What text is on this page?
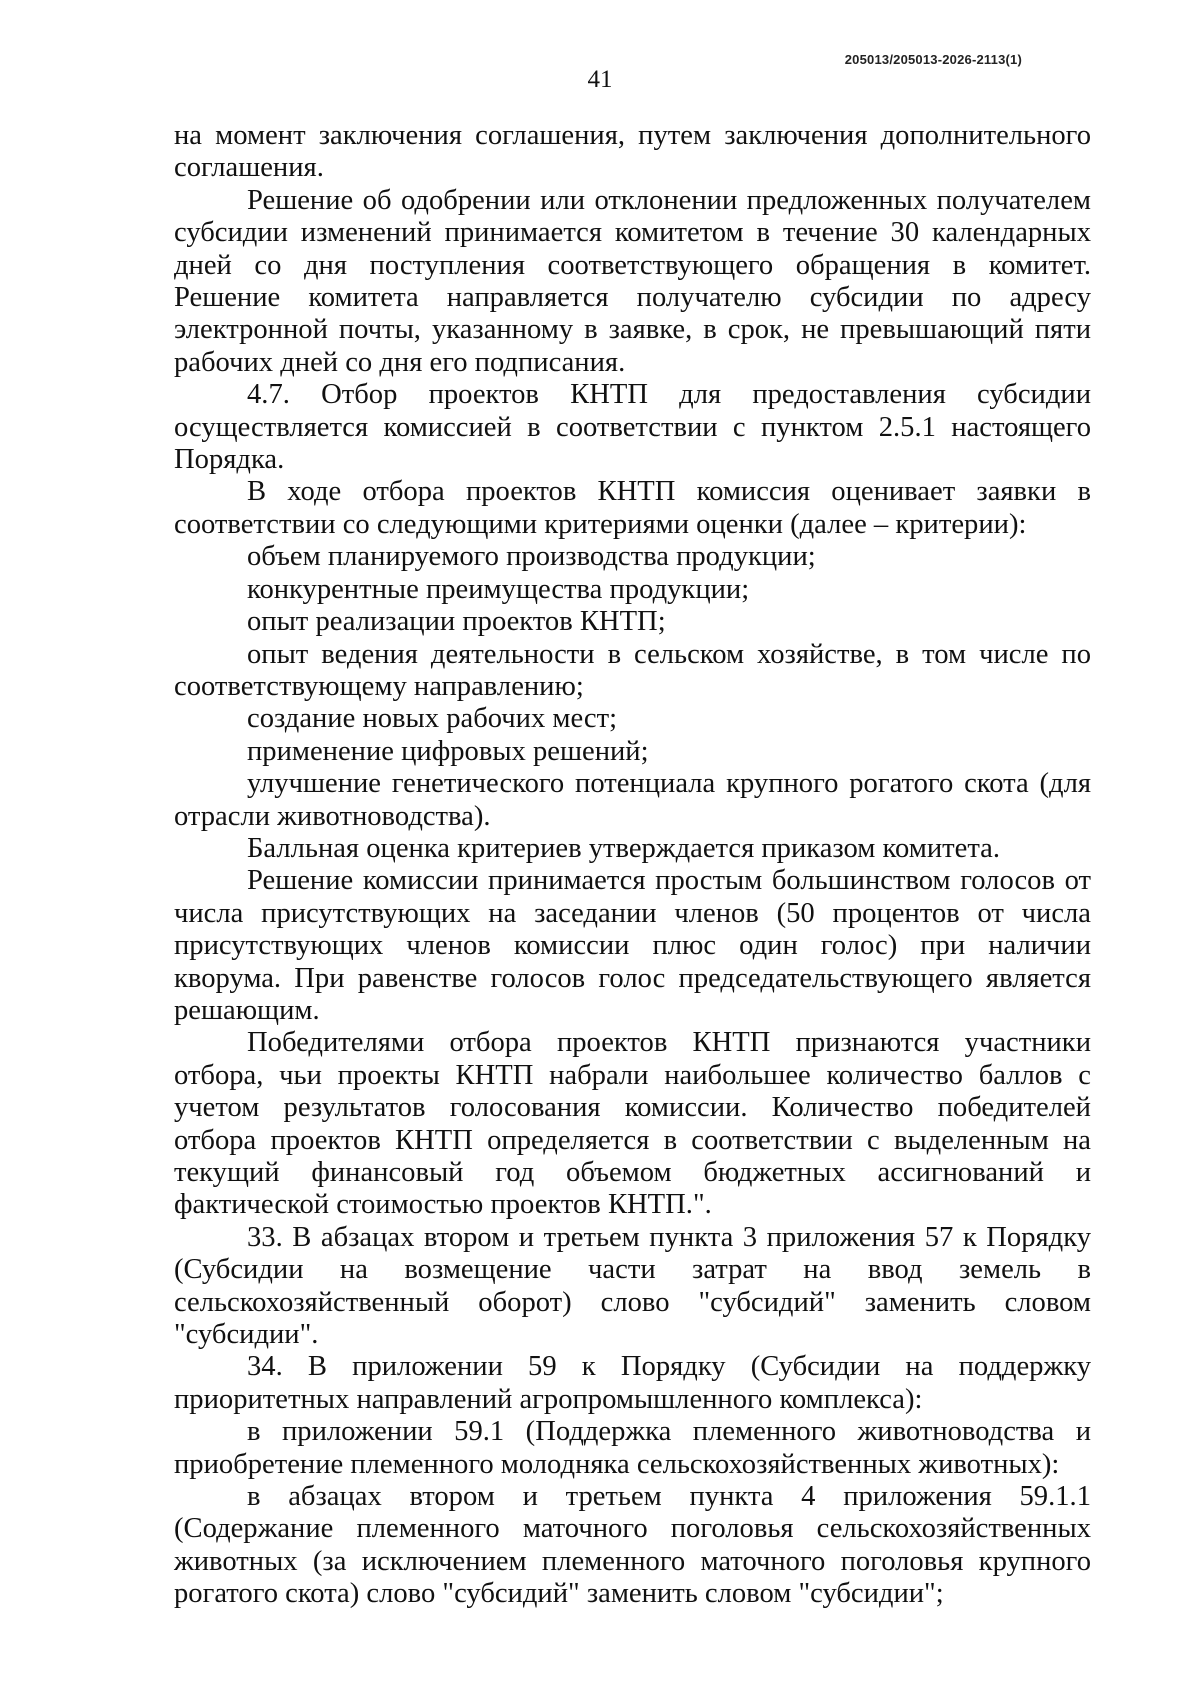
205013/205013-2026-2113(1)
41

на момент заключения соглашения, путем заключения дополнительного соглашения.

Решение об одобрении или отклонении предложенных получателем субсидии изменений принимается комитетом в течение 30 календарных дней со дня поступления соответствующего обращения в комитет. Решение комитета направляется получателю субсидии по адресу электронной почты, указанному в заявке, в срок, не превышающий пяти рабочих дней со дня его подписания.

4.7. Отбор проектов КНТП для предоставления субсидии осуществляется комиссией в соответствии с пунктом 2.5.1 настоящего Порядка.

В ходе отбора проектов КНТП комиссия оценивает заявки в соответствии со следующими критериями оценки (далее – критерии):

объем планируемого производства продукции;

конкурентные преимущества продукции;

опыт реализации проектов КНТП;

опыт ведения деятельности в сельском хозяйстве, в том числе по соответствующему направлению;

создание новых рабочих мест;

применение цифровых решений;

улучшение генетического потенциала крупного рогатого скота (для отрасли животноводства).

Балльная оценка критериев утверждается приказом комитета.

Решение комиссии принимается простым большинством голосов от числа присутствующих на заседании членов (50 процентов от числа присутствующих членов комиссии плюс один голос) при наличии кворума. При равенстве голосов голос председательствующего является решающим.

Победителями отбора проектов КНТП признаются участники отбора, чьи проекты КНТП набрали наибольшее количество баллов с учетом результатов голосования комиссии. Количество победителей отбора проектов КНТП определяется в соответствии с выделенным на текущий финансовый год объемом бюджетных ассигнований и фактической стоимостью проектов КНТП.".

33. В абзацах втором и третьем пункта 3 приложения 57 к Порядку (Субсидии на возмещение части затрат на ввод земель в сельскохозяйственный оборот) слово "субсидий" заменить словом "субсидии".

34. В приложении 59 к Порядку (Субсидии на поддержку приоритетных направлений агропромышленного комплекса):

в приложении 59.1 (Поддержка племенного животноводства и приобретение племенного молодняка сельскохозяйственных животных):

в абзацах втором и третьем пункта 4 приложения 59.1.1 (Содержание племенного маточного поголовья сельскохозяйственных животных (за исключением племенного маточного поголовья крупного рогатого скота) слово "субсидий" заменить словом "субсидии";
